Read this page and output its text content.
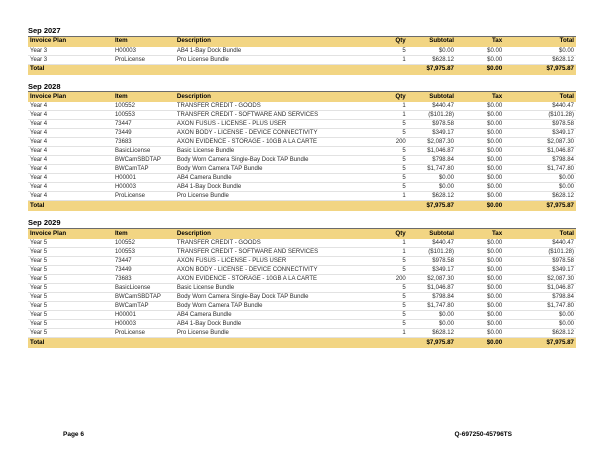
Sep 2027
Invoice Plan	Item	Description	Qty	Subtotal	Tax	Total
Year 3	H00003	AB4 1-Bay Dock Bundle	5	$0.00	$0.00	$0.00
Year 3	ProLicense	Pro License Bundle	1	$628.12	$0.00	$628.12
Total				$7,975.87	$0.00	$7,975.87
Sep 2028
Invoice Plan	Item	Description	Qty	Subtotal	Tax	Total
Year 4	100552	TRANSFER CREDIT - GOODS	1	$440.47	$0.00	$440.47
Year 4	100553	TRANSFER CREDIT - SOFTWARE AND SERVICES	1	($101.28)	$0.00	($101.28)
Year 4	73447	AXON FUSUS - LICENSE - PLUS USER	5	$978.58	$0.00	$978.58
Year 4	73449	AXON BODY - LICENSE - DEVICE CONNECTIVITY	5	$349.17	$0.00	$349.17
Year 4	73683	AXON EVIDENCE - STORAGE - 10GB A LA CARTE	200	$2,087.30	$0.00	$2,087.30
Year 4	BasicLicense	Basic License Bundle	5	$1,046.87	$0.00	$1,046.87
Year 4	BWCamSBDTAP	Body Worn Camera Single-Bay Dock TAP Bundle	5	$798.84	$0.00	$798.84
Year 4	BWCamTAP	Body Worn Camera TAP Bundle	5	$1,747.80	$0.00	$1,747.80
Year 4	H00001	AB4 Camera Bundle	5	$0.00	$0.00	$0.00
Year 4	H00003	AB4 1-Bay Dock Bundle	5	$0.00	$0.00	$0.00
Year 4	ProLicense	Pro License Bundle	1	$628.12	$0.00	$628.12
Total				$7,975.87	$0.00	$7,975.87
Sep 2029
Invoice Plan	Item	Description	Qty	Subtotal	Tax	Total
Year 5	100552	TRANSFER CREDIT - GOODS	1	$440.47	$0.00	$440.47
Year 5	100553	TRANSFER CREDIT - SOFTWARE AND SERVICES	1	($101.28)	$0.00	($101.28)
Year 5	73447	AXON FUSUS - LICENSE - PLUS USER	5	$978.58	$0.00	$978.58
Year 5	73449	AXON BODY - LICENSE - DEVICE CONNECTIVITY	5	$349.17	$0.00	$349.17
Year 5	73683	AXON EVIDENCE - STORAGE - 10GB A LA CARTE	200	$2,087.30	$0.00	$2,087.30
Year 5	BasicLicense	Basic License Bundle	5	$1,046.87	$0.00	$1,046.87
Year 5	BWCamSBDTAP	Body Worn Camera Single-Bay Dock TAP Bundle	5	$798.84	$0.00	$798.84
Year 5	BWCamTAP	Body Worn Camera TAP Bundle	5	$1,747.80	$0.00	$1,747.80
Year 5	H00001	AB4 Camera Bundle	5	$0.00	$0.00	$0.00
Year 5	H00003	AB4 1-Bay Dock Bundle	5	$0.00	$0.00	$0.00
Year 5	ProLicense	Pro License Bundle	1	$628.12	$0.00	$628.12
Total				$7,975.87	$0.00	$7,975.87
Page 6	Q-697250-45796TS
